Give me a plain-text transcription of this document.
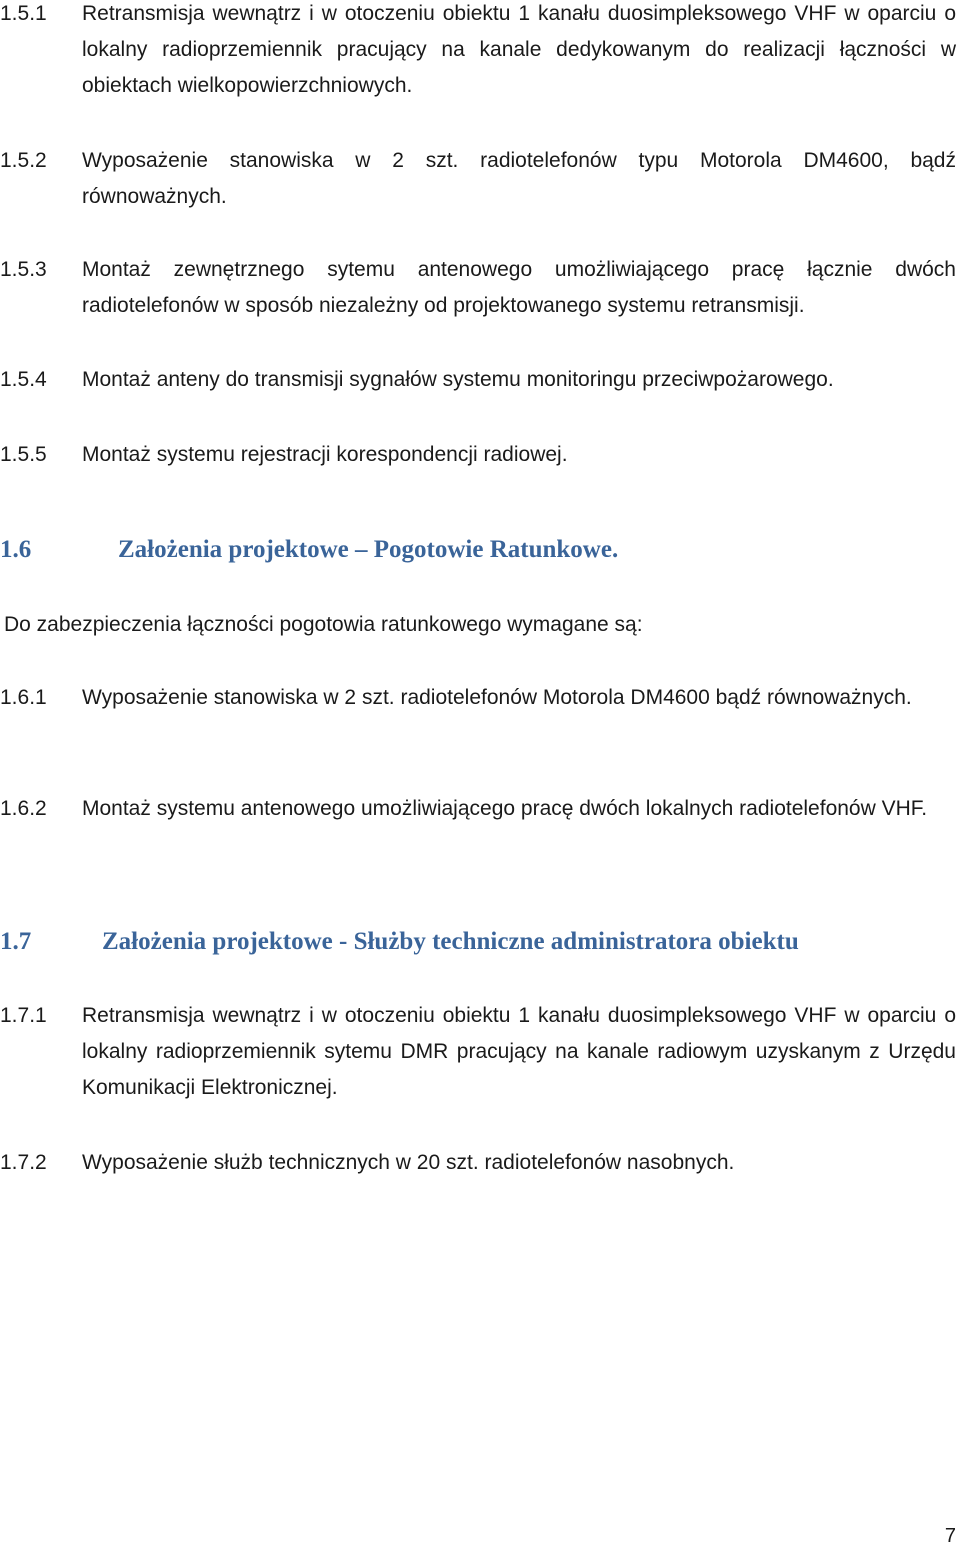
1.5.1	Retransmisja wewnątrz i w otoczeniu obiektu 1 kanału duosimpleksowego VHF w oparciu o lokalny radioprzemiennik pracujący na kanale dedykowanym do realizacji łączności w obiektach wielkopowierzchniowych.
1.5.2	Wyposażenie stanowiska w 2 szt. radiotelefonów typu Motorola DM4600, bądź równoważnych.
1.5.3	Montaż zewnętrznego sytemu antenowego umożliwiającego pracę łącznie dwóch radiotelefonów w sposób niezależny od projektowanego systemu retransmisji.
1.5.4	Montaż anteny do transmisji sygnałów systemu monitoringu przeciwpożarowego.
1.5.5	Montaż systemu rejestracji korespondencji radiowej.
1.6	Założenia projektowe – Pogotowie Ratunkowe.
Do zabezpieczenia łączności pogotowia ratunkowego wymagane są:
1.6.1	Wyposażenie stanowiska w 2 szt. radiotelefonów Motorola DM4600 bądź równoważnych.
1.6.2	Montaż systemu antenowego umożliwiającego pracę dwóch lokalnych radiotelefonów VHF.
1.7	Założenia projektowe - Służby techniczne administratora obiektu
1.7.1	Retransmisja wewnątrz i w otoczeniu obiektu 1 kanału duosimpleksowego VHF w oparciu o lokalny radioprzemiennik sytemu DMR pracujący na kanale radiowym uzyskanym z Urzędu Komunikacji Elektronicznej.
1.7.2	Wyposażenie służb technicznych w 20 szt. radiotelefonów nasobnych.
7
